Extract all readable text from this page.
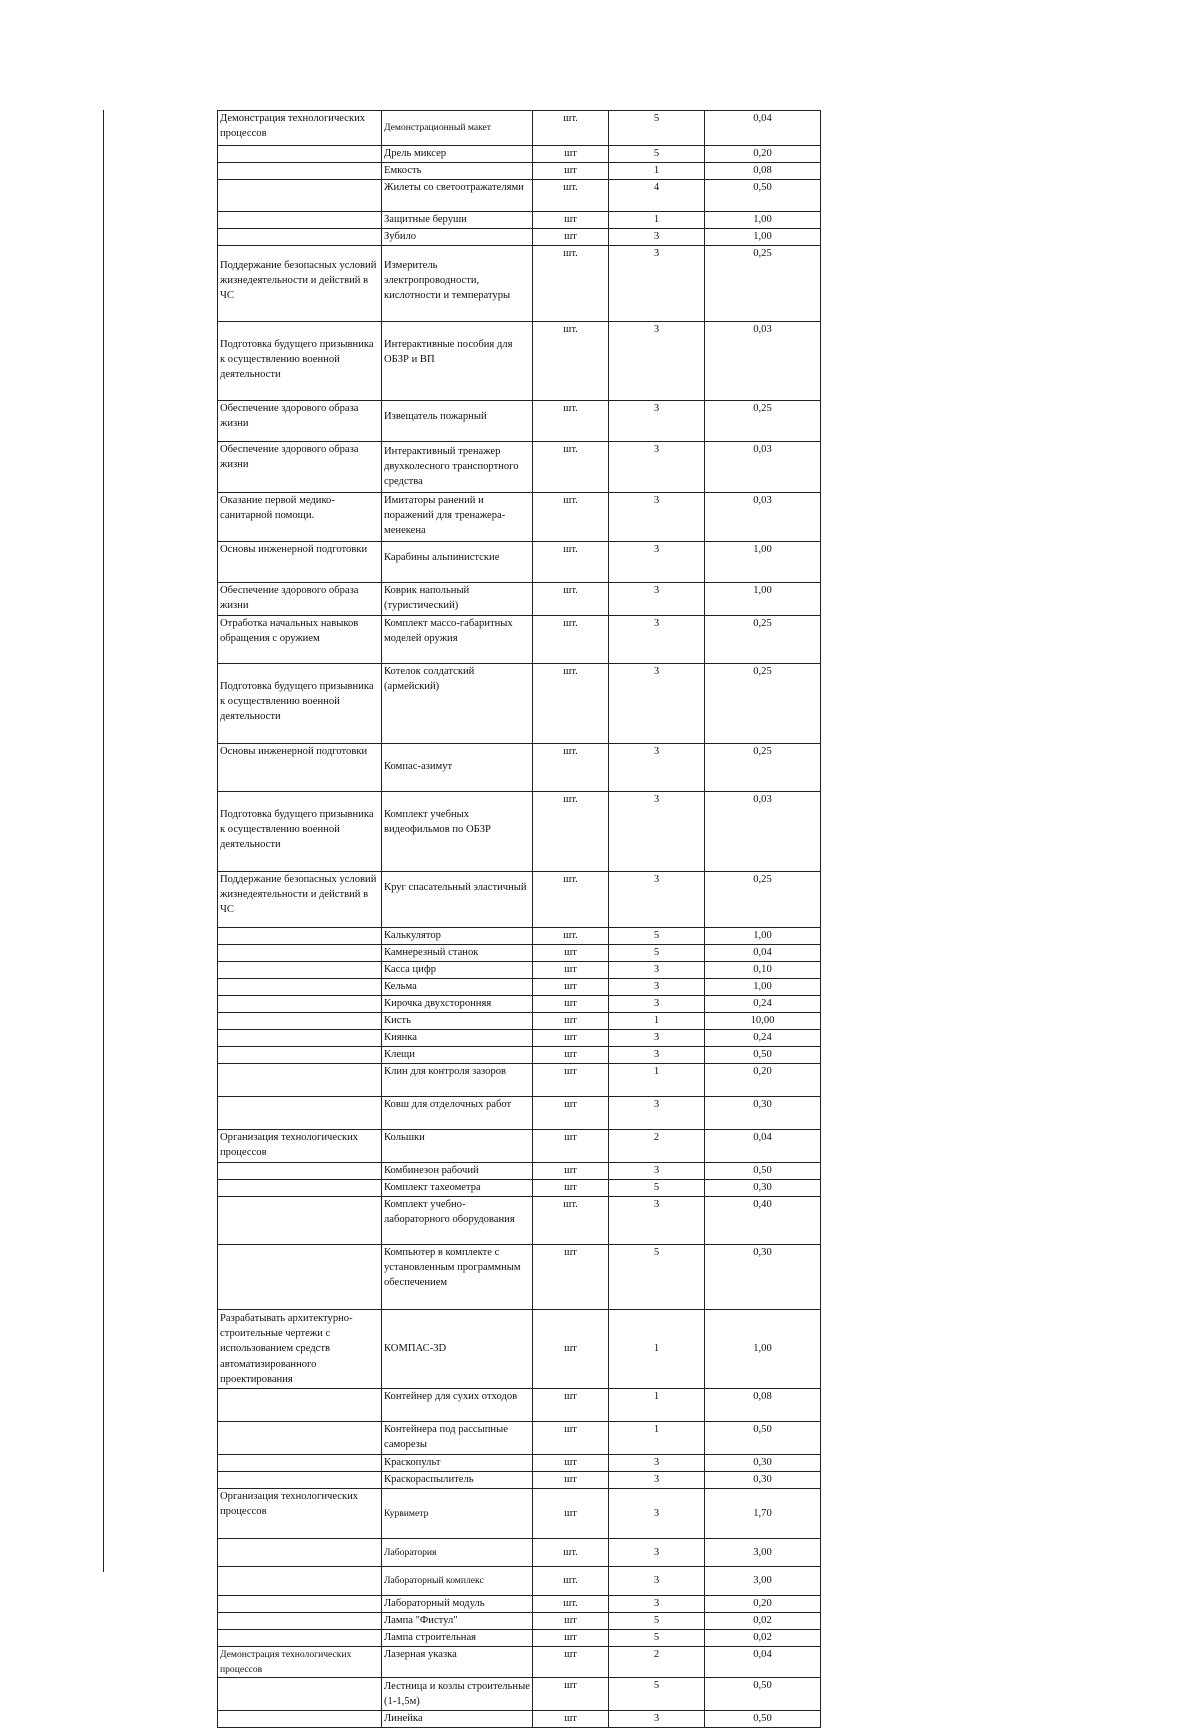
Демонстрация технологических процессов	Демонстрационный макет	шт.	5	0,04
	Дрель миксер	шт	5	0,20
	Емкость	шт	1	0,08
	Жилеты со светоотражателями	шт.	4	0,50
	Защитные беруши	шт	1	1,00
	Зубило	шт	3	1,00
Поддержание безопасных условий жизнедеятельности и действий в ЧС	Измеритель электропроводности, кислотности и температуры	шт.	3	0,25
Подготовка будущего призывника к осуществлению военной деятельности	Интерактивные пособия для ОБЗР и ВП	шт.	3	0,03
Обеспечение здорового образа жизни	Извещатель пожарный	шт.	3	0,25
Обеспечение здорового образа жизни	Интерактивный тренажер двухколесного транспортного средства	шт.	3	0,03
Оказание первой медико-санитарной помощи.	Имитаторы ранений и поражений для тренажера-менекена	шт.	3	0,03
Основы инженерной подготовки	Карабины альпинистские	шт.	3	1,00
Обеспечение здорового образа жизни	Коврик напольный (туристический)	шт.	3	1,00
Отработка начальных навыков обращения с оружием	Комплект массо-габаритных моделей оружия	шт.	3	0,25
Подготовка будущего призывника к осуществлению военной деятельности	Котелок солдатский (армейский)	шт.	3	0,25
Основы инженерной подготовки	Компас-азимут	шт.	3	0,25
Подготовка будущего призывника к осуществлению военной деятельности	Комплект учебных видеофильмов по ОБЗР	шт.	3	0,03
Поддержание безопасных условий жизнедеятельности и действий в ЧС	Круг спасательный эластичный	шт.	3	0,25
	Калькулятор	шт.	5	1,00
	Камнерезный станок	шт	5	0,04
	Касса цифр	шт	3	0,10
	Кельма	шт	3	1,00
	Кирочка двухсторонняя	шт	3	0,24
	Кисть	шт	1	10,00
	Киянка	шт	3	0,24
	Клещи	шт	3	0,50
	Клин для контроля зазоров	шт	1	0,20
	Ковш для отделочных работ	шт	3	0,30
Организация технологических процессов	Кольшки	шт	2	0,04
	Комбинезон рабочий	шт	3	0,50
	Комплект тахеометра	шт	5	0,30
	Комплект учебно-лабораторного оборудования	шт.	3	0,40
	Компьютер в комплекте с установленным программным обеспечением	шт	5	0,30
Разрабатывать архитектурно-строительные чертежи с использованием средств автоматизированного проектирования	КОМПАС-3D	шт	1	1,00
	Контейнер для сухих отходов	шт	1	0,08
	Контейнера под рассыпные саморезы	шт	1	0,50
	Краскопульт	шт	3	0,30
	Краскораспылитель	шт	3	0,30
Организация технологических процессов	Курвиметр	шт	3	1,70
	Лаборатория	шт.	3	3,00
	Лабораторный комплекс	шт.	3	3,00
	Лабораторный модуль	шт.	3	0,20
	Лампа "Фистул"	шт	5	0,02
	Лампа строительная	шт	5	0,02
Демонстрация технологических процессов	Лазерная указка	шт	2	0,04
	Лестница и козлы строительные (1-1,5м)	шт	5	0,50
	Линейка	шт	3	0,50
